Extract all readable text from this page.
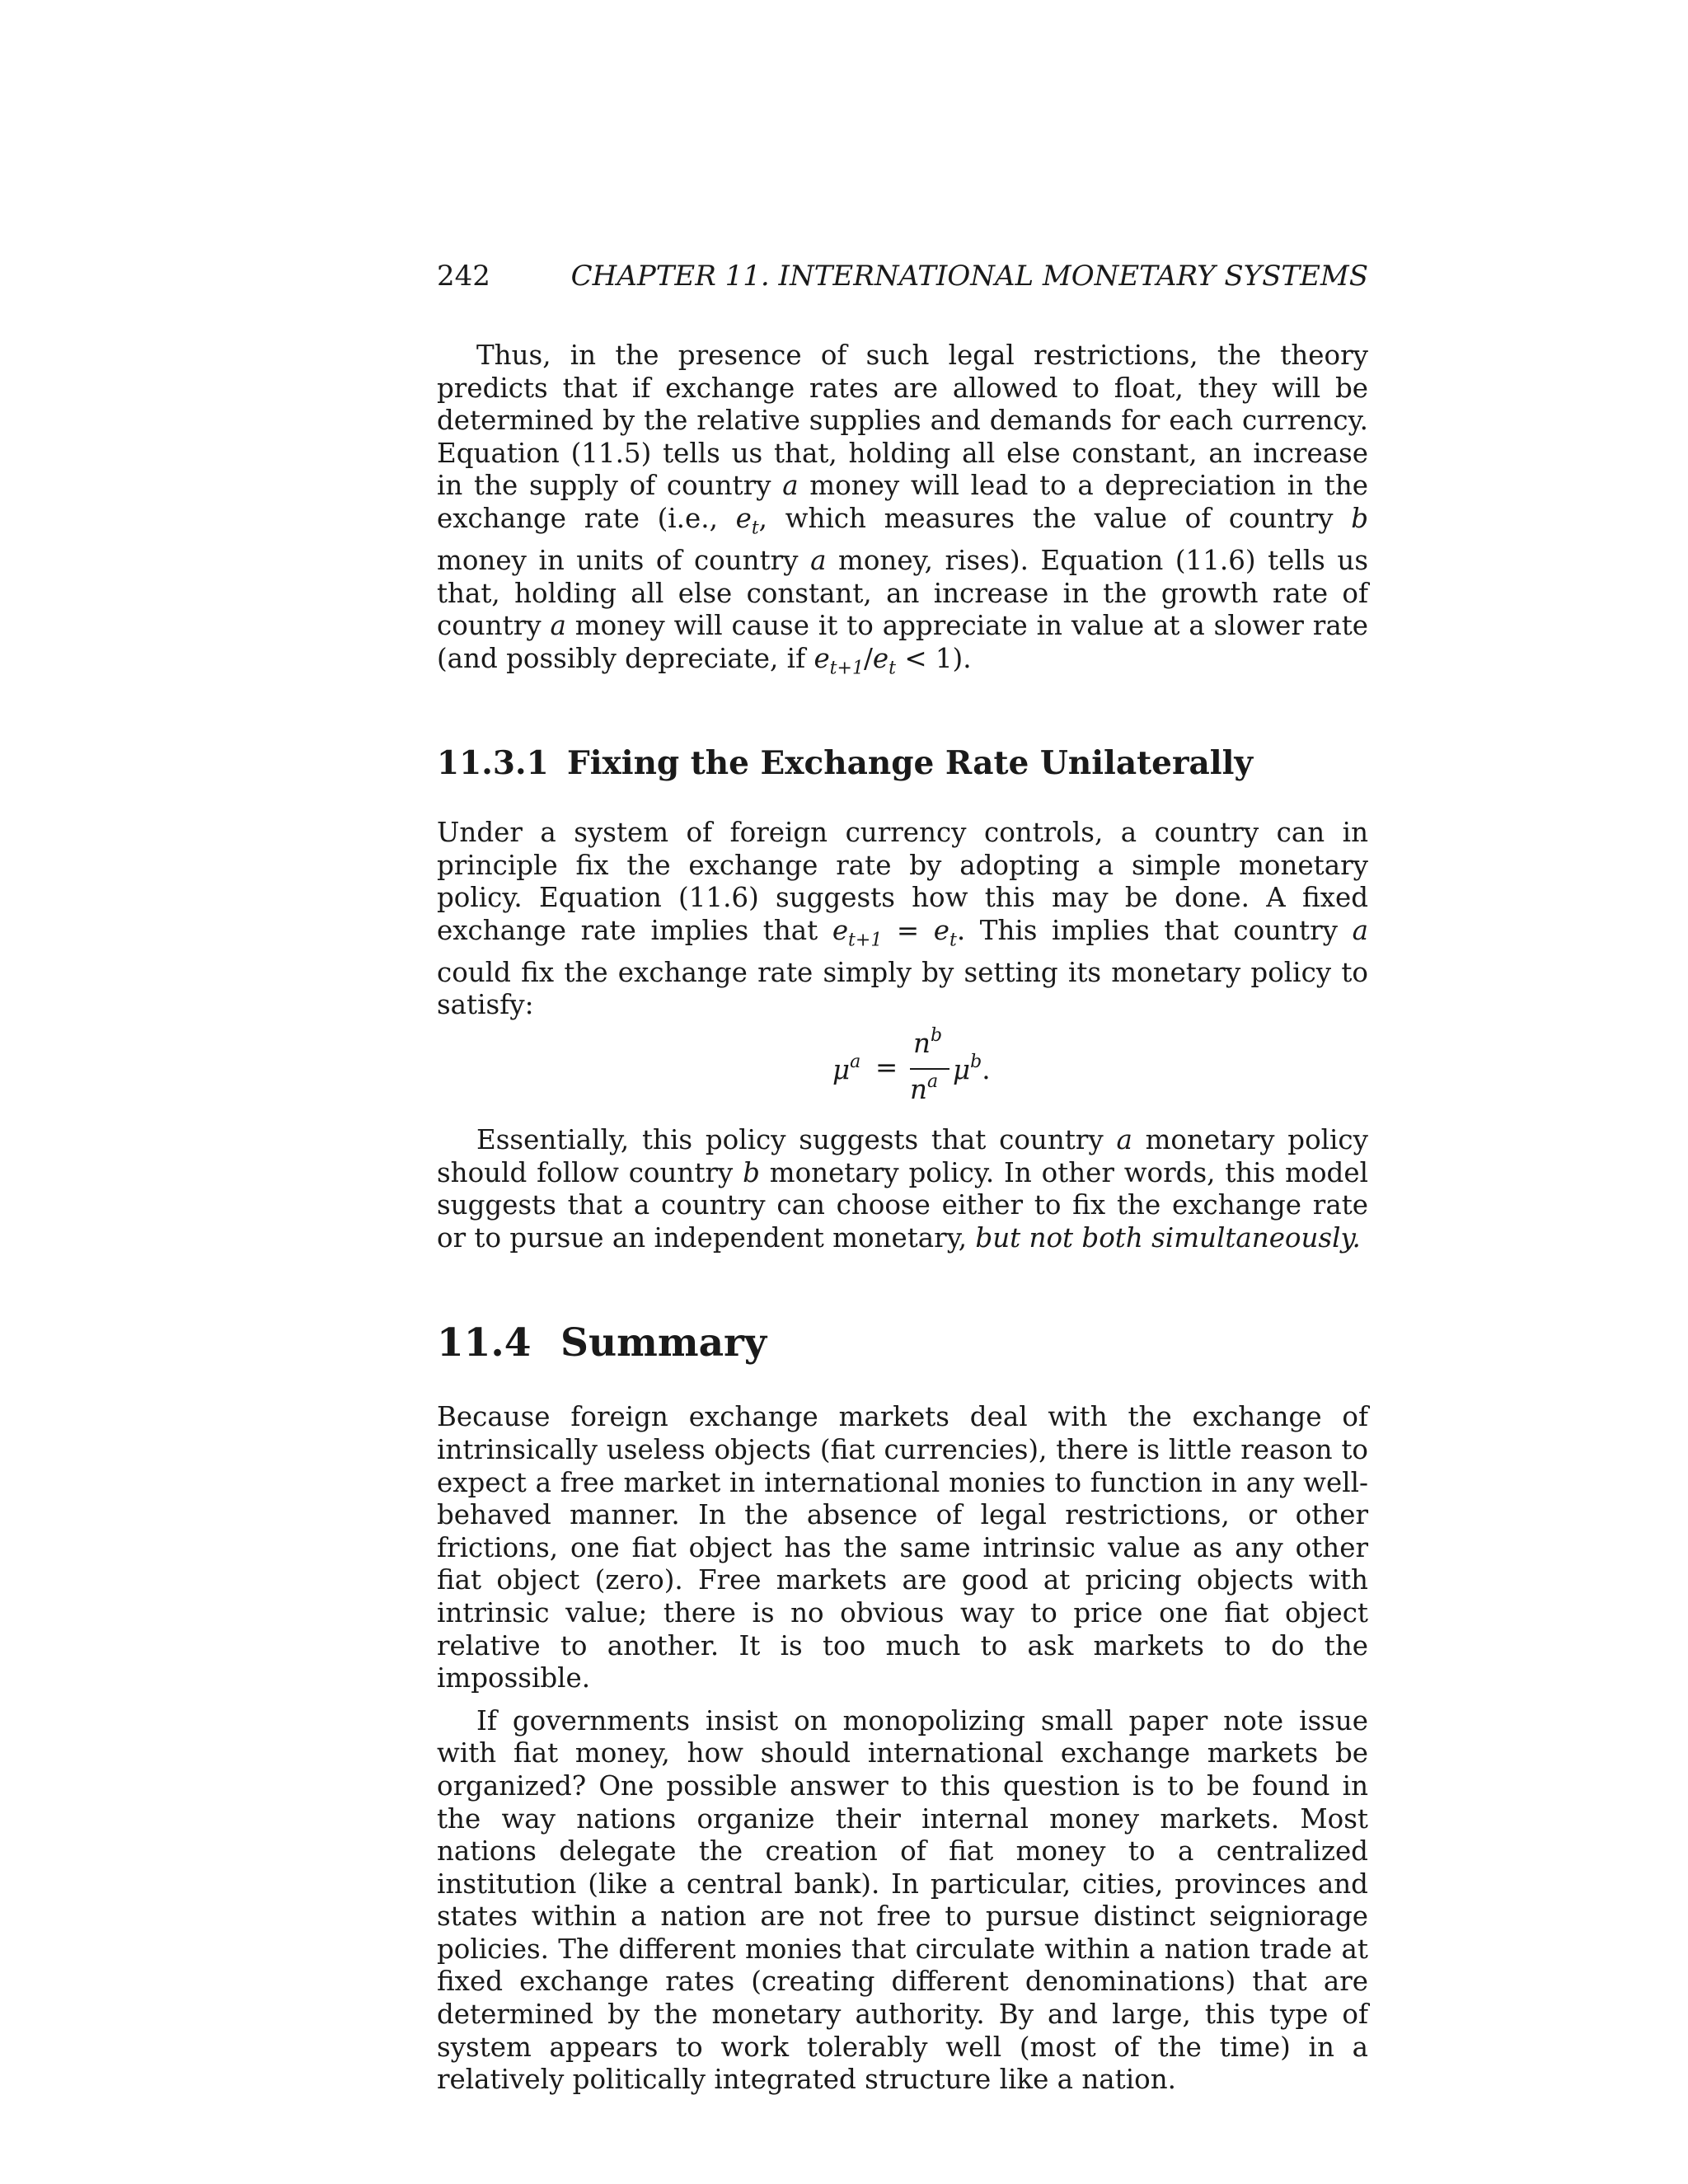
242	CHAPTER 11. INTERNATIONAL MONETARY SYSTEMS

Thus, in the presence of such legal restrictions, the theory predicts that if exchange rates are allowed to float, they will be determined by the relative supplies and demands for each currency. Equation (11.5) tells us that, holding all else constant, an increase in the supply of country a money will lead to a depreciation in the exchange rate (i.e., $e_t$, which measures the value of country b money in units of country a money, rises). Equation (11.6) tells us that, holding all else constant, an increase in the growth rate of country a money will cause it to appreciate in value at a slower rate (and possibly depreciate, if $e_{t+1}/e_t < 1$).

11.3.1 Fixing the Exchange Rate Unilaterally

Under a system of foreign currency controls, a country can in principle fix the exchange rate by adopting a simple monetary policy. Equation (11.6) suggests how this may be done. A fixed exchange rate implies that $e_{t+1} = e_t$. This implies that country a could fix the exchange rate simply by setting its monetary policy to satisfy:

$\mu^a$ =
$n^b$
$n^a$ $\mu^b$.

Essentially, this policy suggests that country a monetary policy should follow country b monetary policy. In other words, this model suggests that a country can choose either to fix the exchange rate or to pursue an independent monetary, but not both simultaneously.

11.4 Summary

Because foreign exchange markets deal with the exchange of intrinsically useless objects (fiat currencies), there is little reason to expect a free market in international monies to function in any well-behaved manner. In the absence of legal restrictions, or other frictions, one fiat object has the same intrinsic value as any other fiat object (zero). Free markets are good at pricing objects with intrinsic value; there is no obvious way to price one fiat object relative to another. It is too much to ask markets to do the impossible.

If governments insist on monopolizing small paper note issue with fiat money, how should international exchange markets be organized? One possible answer to this question is to be found in the way nations organize their internal money markets. Most nations delegate the creation of fiat money to a centralized institution (like a central bank). In particular, cities, provinces and states within a nation are not free to pursue distinct seigniorage policies. The different monies that circulate within a nation trade at fixed exchange rates (creating different denominations) that are determined by the monetary authority. By and large, this type of system appears to work tolerably well (most of the time) in a relatively politically integrated structure like a nation.
